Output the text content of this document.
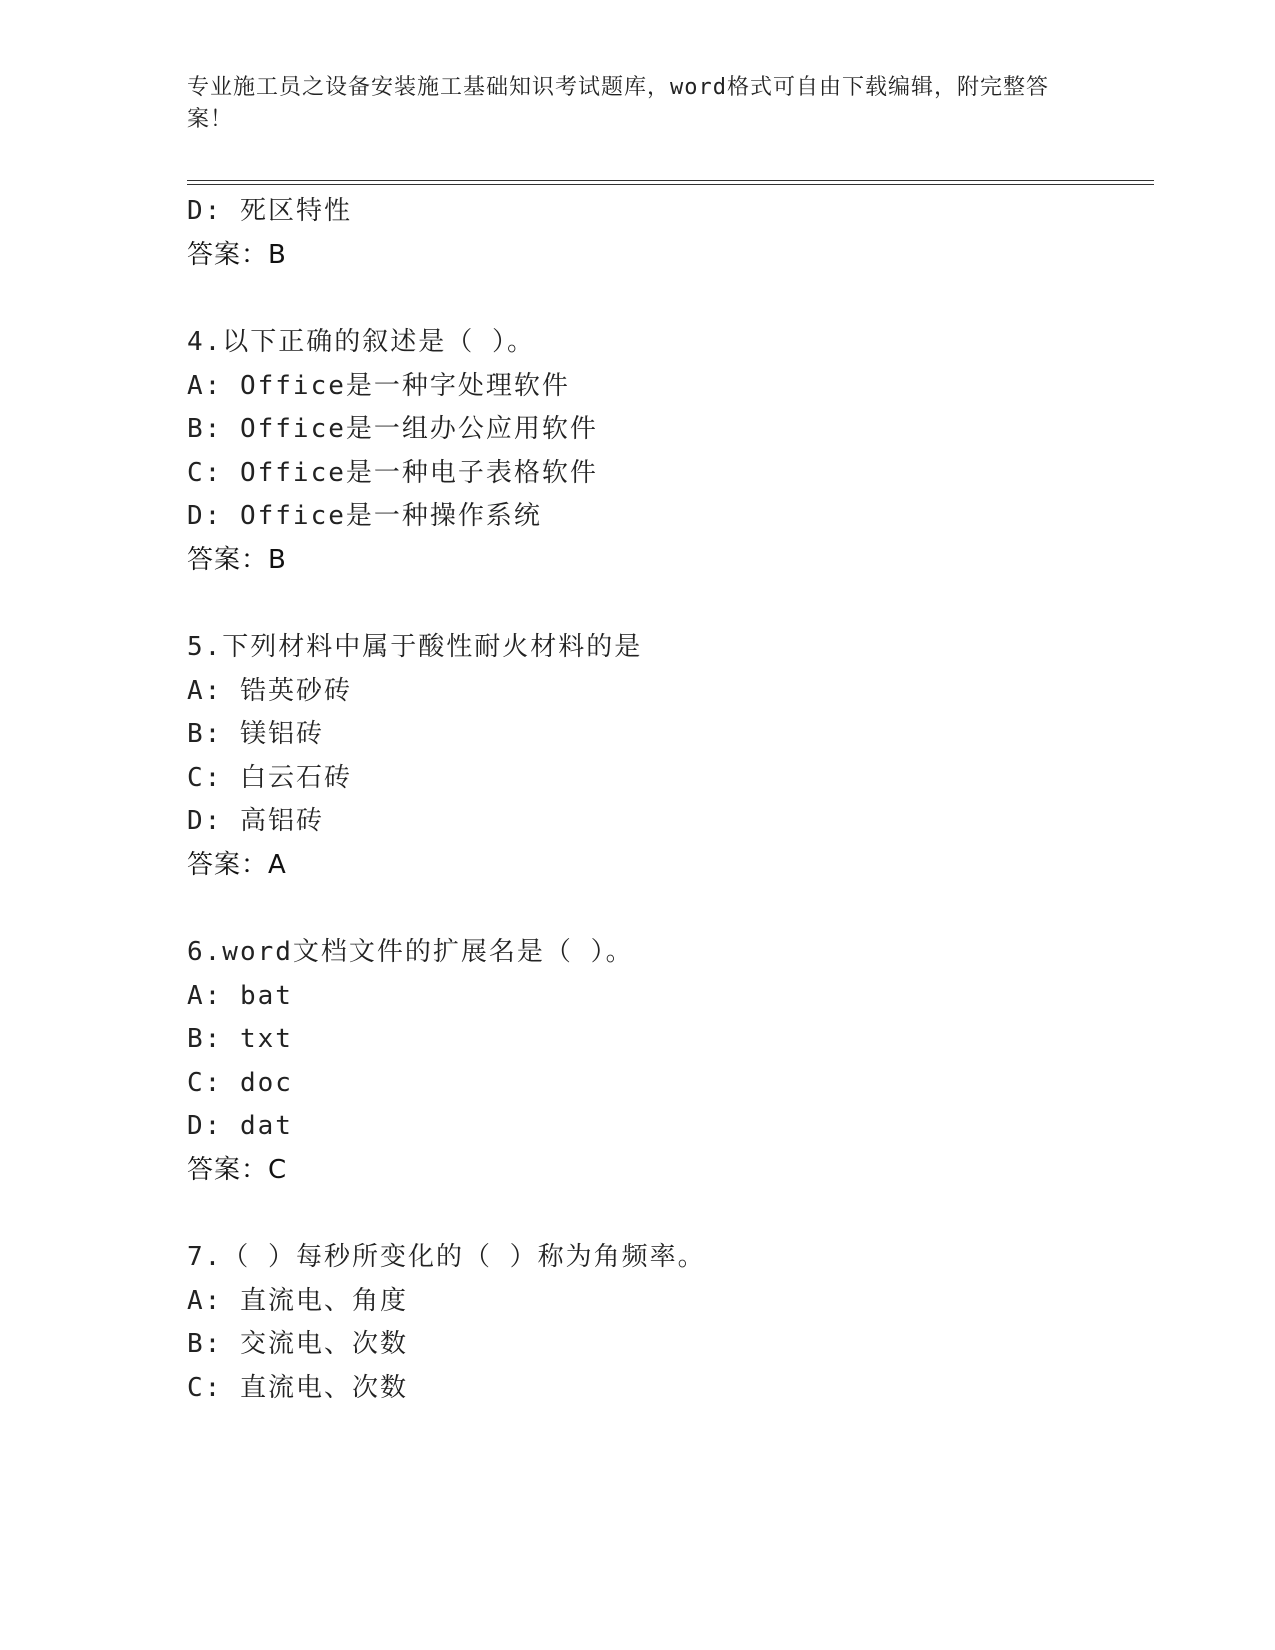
专业施工员之设备安装施工基础知识考试题库，word格式可自由下载编辑，附完整答案！
D: 死区特性
答案：B
4.以下正确的叙述是（ ）。
A: Office是一种字处理软件
B: Office是一组办公应用软件
C: Office是一种电子表格软件
D: Office是一种操作系统
答案：B
5.下列材料中属于酸性耐火材料的是
A: 锆英砂砖
B: 镁铝砖
C: 白云石砖
D: 高铝砖
答案：A
6.word文档文件的扩展名是（ ）。
A: bat
B: txt
C: doc
D: dat
答案：C
7.（ ）每秒所变化的（ ）称为角频率。
A: 直流电、角度
B: 交流电、次数
C: 直流电、次数
